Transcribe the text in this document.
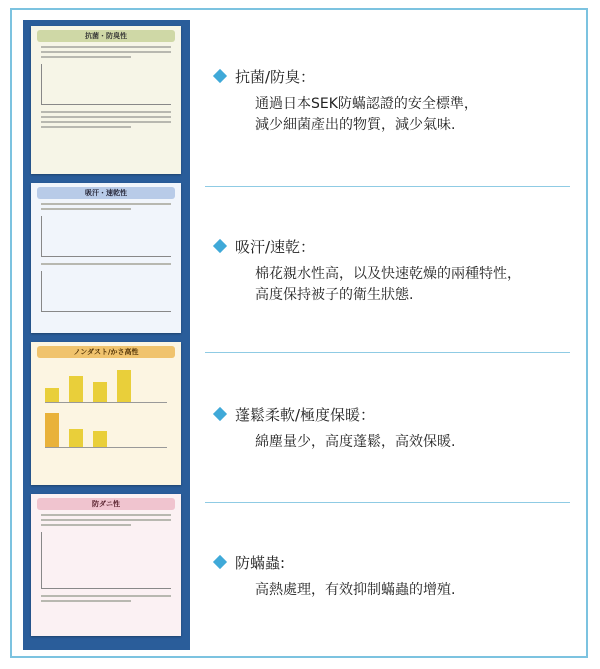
抗菌・防臭性
吸汗・速乾性
ノンダスト/かさ高性
防ダニ性
抗菌/防臭：
通過日本SEK防蟎認證的安全標準，
減少細菌產出的物質，減少氣味.
吸汗/速乾：
棉花親水性高，以及快速乾燥的兩種特性，
高度保持被子的衛生狀態.
蓬鬆柔軟/極度保暖：
綿塵量少，高度蓬鬆，高效保暖.
防蟎蟲:
高熱處理，有效抑制蟎蟲的增殖.
